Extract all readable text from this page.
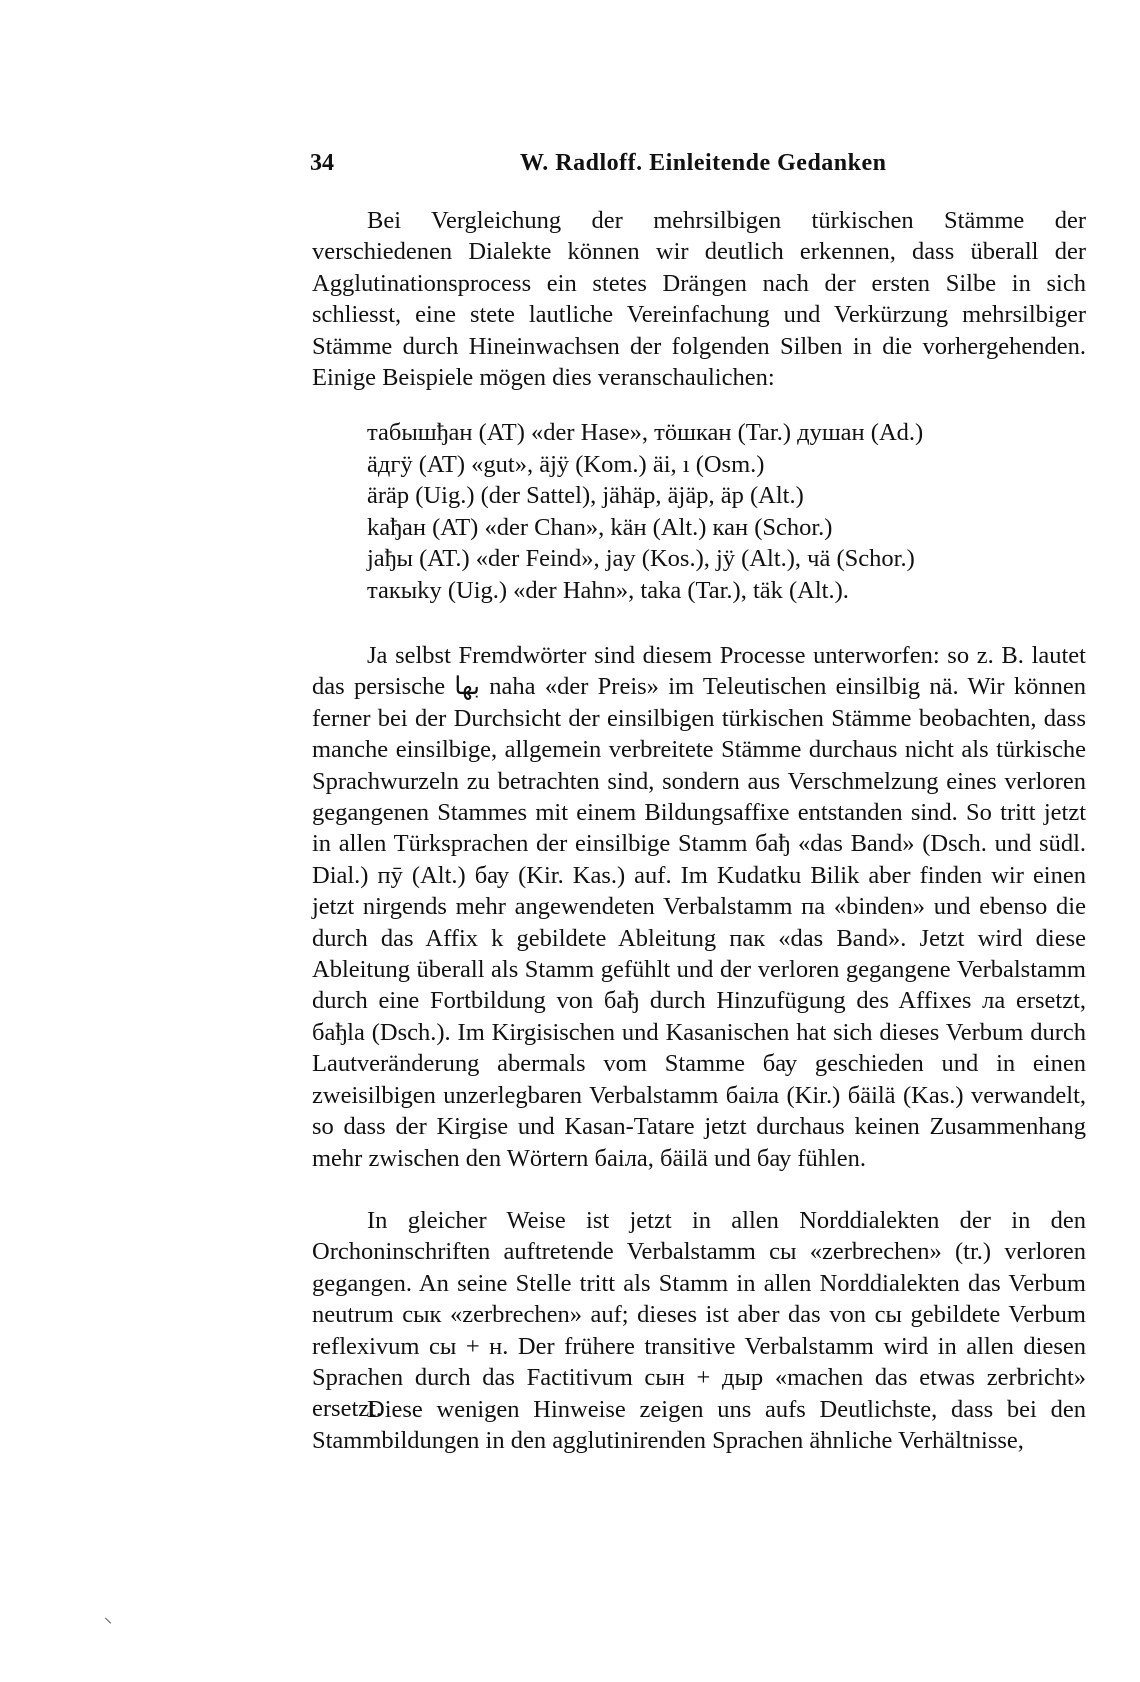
34	W. Radloff. Einleitende Gedanken

Bei Vergleichung der mehrsilbigen türkischen Stämme der verschiedenen Dialekte können wir deutlich erkennen, dass überall der Agglutinationsprocess ein stetes Drängen nach der ersten Silbe in sich schliesst, eine stete lautliche Vereinfachung und Verkürzung mehrsilbiger Stämme durch Hineinwachsen der folgenden Silben in die vorhergehenden. Einige Beispiele mögen dies veranschaulichen:

табышђан (AT) «der Hase», тӧшкан (Tar.) душан (Ad.)
äдгӱ (AT) «gut», äjӱ (Kom.) äi, ı (Osm.)
äräp (Uig.) (der Sattel), jähäp, äjäp, äp (Alt.)
kaђан (AT) «der Chan», käн (Alt.) кан (Schor.)
jaђы (AT.) «der Feind», jay (Kos.), jӱ (Alt.), чä (Schor.)
такыkу (Uig.) «der Hahn», taka (Tar.), täk (Alt.).

Ja selbst Fremdwörter sind diesem Processe unterworfen: so z. B. lautet das persische بها naha «der Preis» im Teleutischen einsilbig nä. Wir können ferner bei der Durchsicht der einsilbigen türkischen Stämme beobachten, dass manche einsilbige, allgemein verbreitete Stämme durchaus nicht als türkische Sprachwurzeln zu betrachten sind, sondern aus Verschmelzung eines verloren gegangenen Stammes mit einem Bildungsaffixe entstanden sind. So tritt jetzt in allen Türksprachen der einsilbige Stamm бађ «das Band» (Dsch. und südl. Dial.) пӯ (Alt.) бау (Kir. Kas.) auf. Im Kudatku Bilik aber finden wir einen jetzt nirgends mehr angewendeten Verbalstamm па «binden» und ebenso die durch das Affix k gebildete Ableitung пак «das Band». Jetzt wird diese Ableitung überall als Stamm gefühlt und der verloren gegangene Verbalstamm durch eine Fortbildung von бађ durch Hinzufügung des Affixes ла ersetzt, бађla (Dsch.). Im Kirgisischen und Kasanischen hat sich dieses Verbum durch Lautveränderung abermals vom Stamme бау geschieden und in einen zweisilbigen unzerlegbaren Verbalstamm баіла (Kir.) бäilä (Kas.) verwandelt, so dass der Kirgise und Kasan-Tatare jetzt durchaus keinen Zusammenhang mehr zwischen den Wörtern баіла, бäilä und бау fühlen.

In gleicher Weise ist jetzt in allen Norddialekten der in den Orchoninschriften auftretende Verbalstamm сы «zerbrechen» (tr.) verloren gegangen. An seine Stelle tritt als Stamm in allen Norddialekten das Verbum neutrum сык «zerbrechen» auf; dieses ist aber das von сы gebildete Verbum reflexivum сы + н. Der frühere transitive Verbalstamm wird in allen diesen Sprachen durch das Factitivum сын + дыр «machen das etwas zerbricht» ersetzt.

Diese wenigen Hinweise zeigen uns aufs Deutlichste, dass bei den Stammbildungen in den agglutinirenden Sprachen ähnliche Verhältnisse,

⸌
